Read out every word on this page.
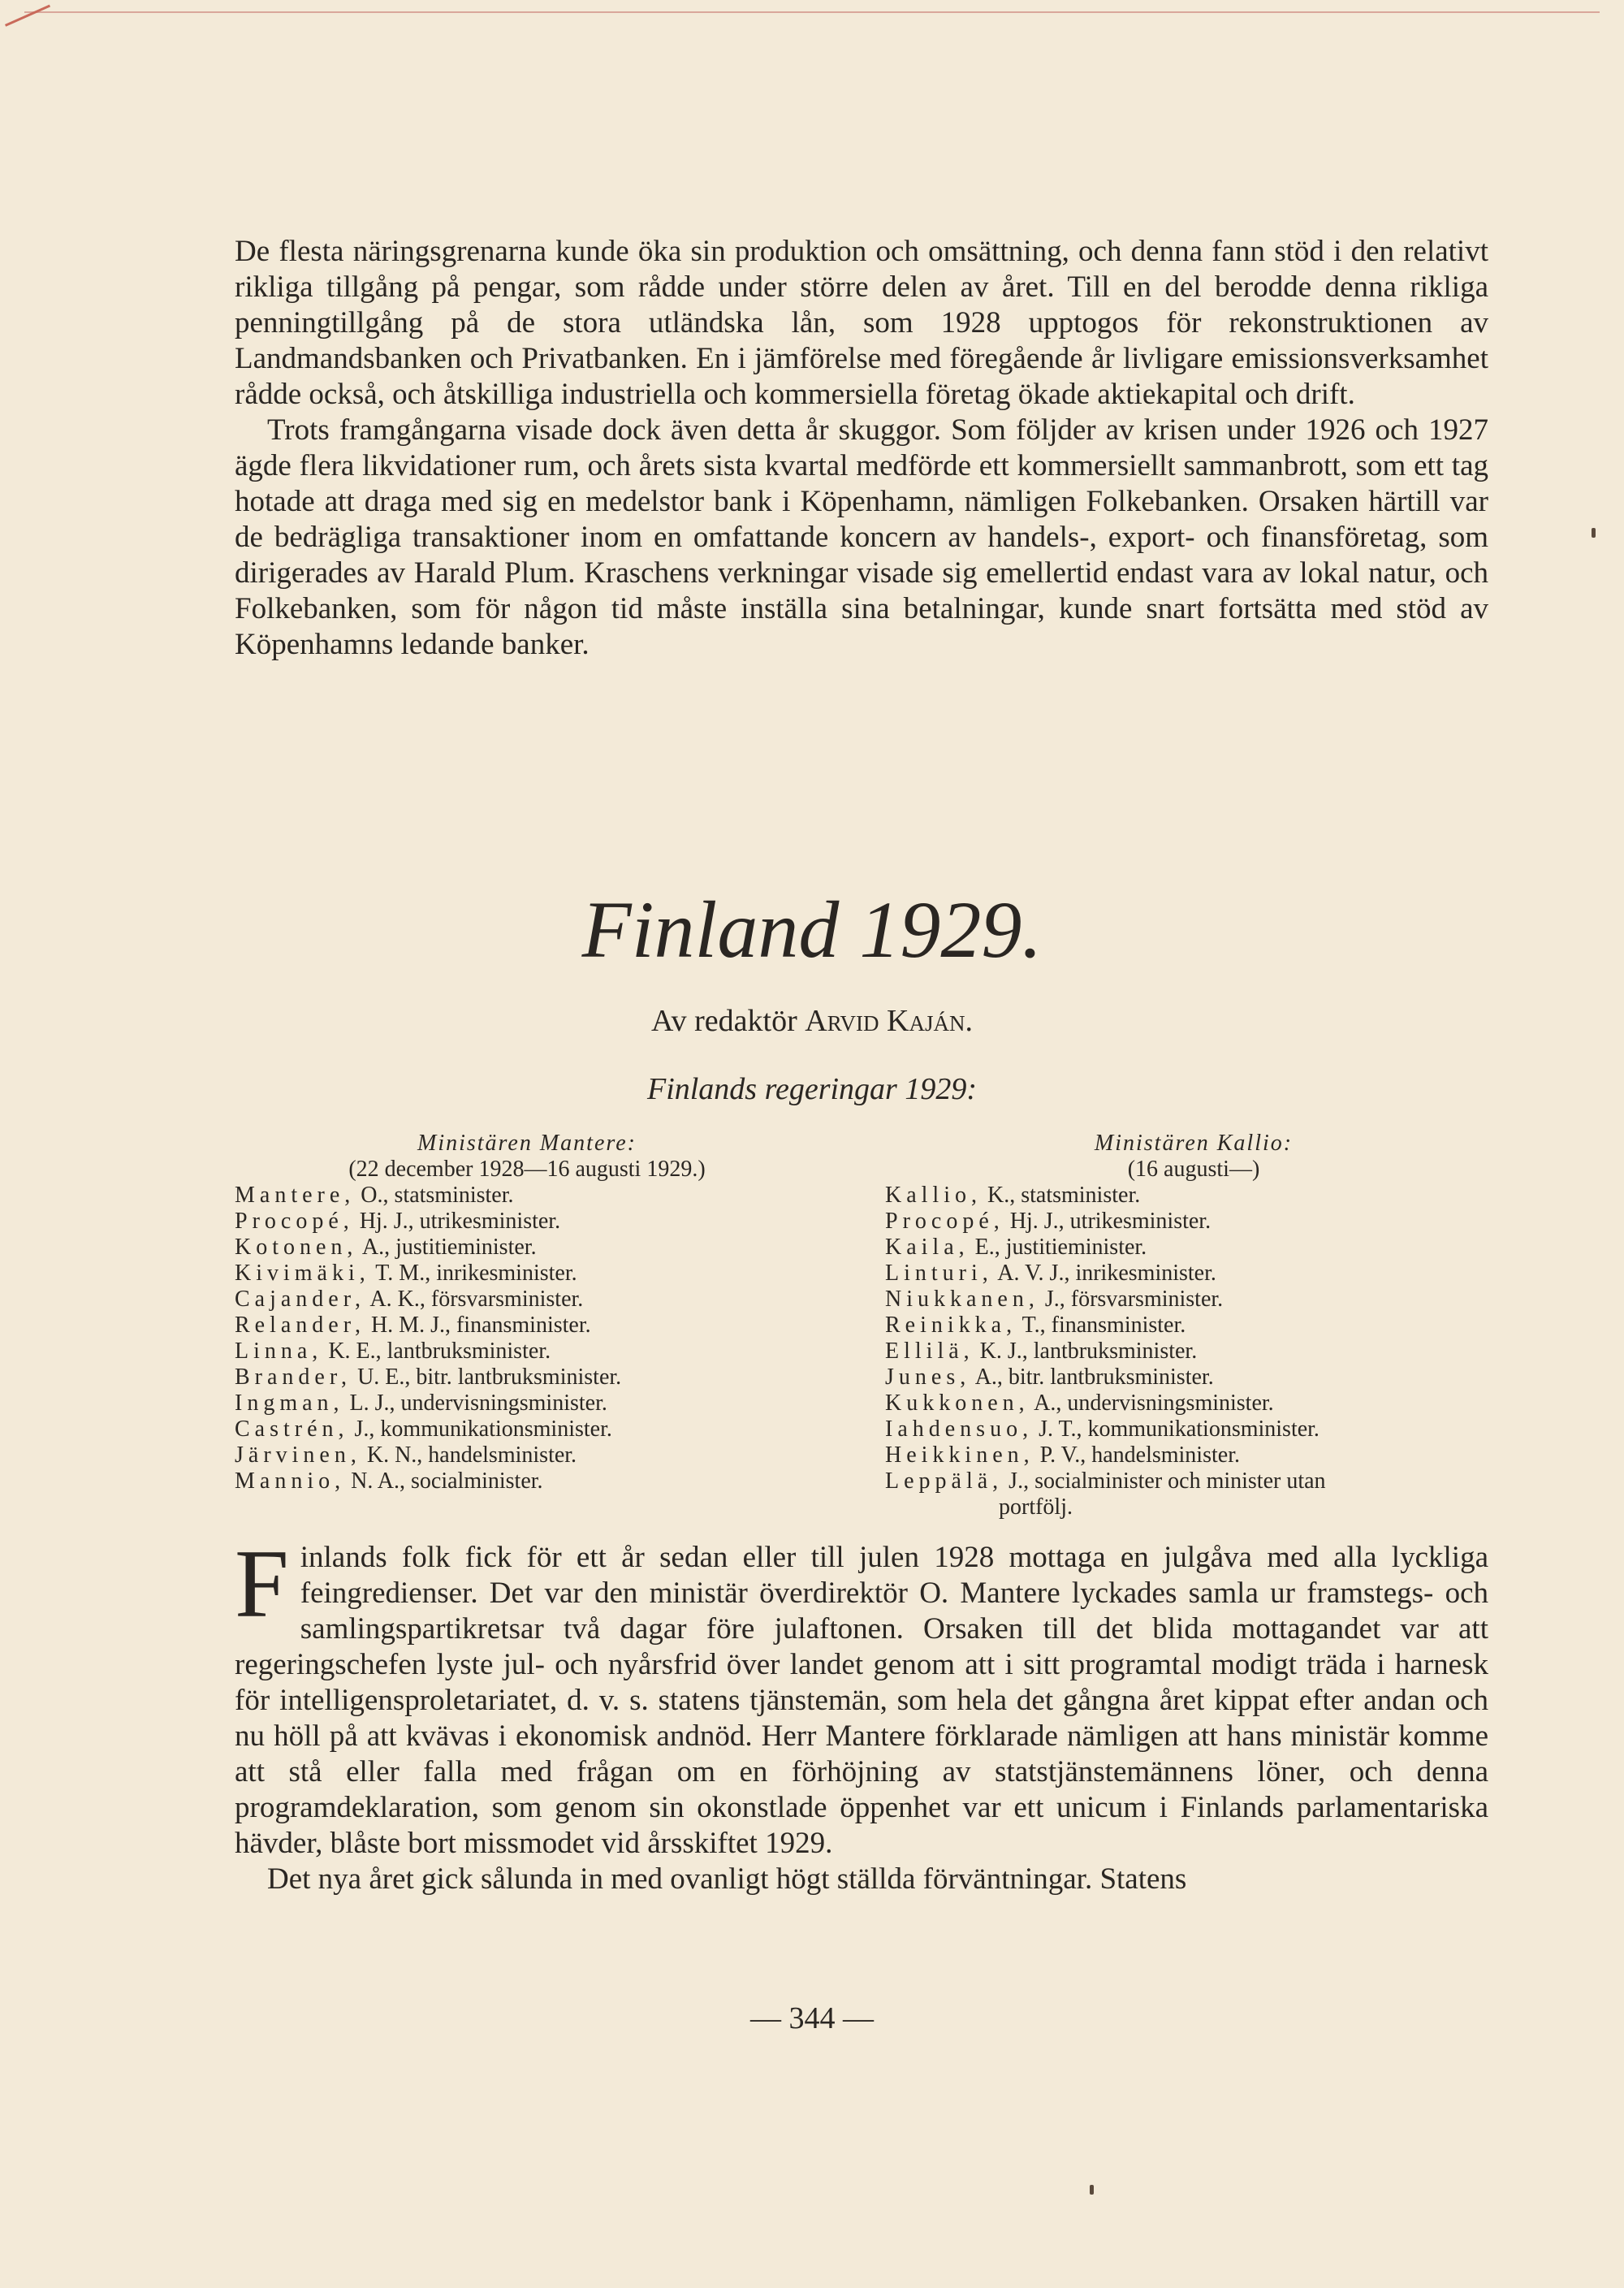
De flesta näringsgrenarna kunde öka sin produktion och omsättning, och denna fann stöd i den relativt rikliga tillgång på pengar, som rådde under större delen av året. Till en del berodde denna rikliga penningtillgång på de stora utländska lån, som 1928 upptogos för rekonstruktionen av Landmandsbanken och Privatbanken. En i jämförelse med föregående år livligare emissionsverksamhet rådde också, och åtskilliga industriella och kommersiella företag ökade aktiekapital och drift.

Trots framgångarna visade dock även detta år skuggor. Som följder av krisen under 1926 och 1927 ägde flera likvidationer rum, och årets sista kvartal medförde ett kommersiellt sammanbrott, som ett tag hotade att draga med sig en medelstor bank i Köpenhamn, nämligen Folkebanken. Orsaken härtill var de bedrägliga transaktioner inom en omfattande koncern av handels-, export- och finansföretag, som dirigerades av Harald Plum. Kraschens verkningar visade sig emellertid endast vara av lokal natur, och Folkebanken, som för någon tid måste inställa sina betalningar, kunde snart fortsätta med stöd av Köpenhamns ledande banker.

Finland 1929.

Av redaktör Arvid Kaján.

Finlands regeringar 1929:

Ministären Mantere:

(22 december 1928—16 augusti 1929.)

Mantere, O., statsminister.
Procopé, Hj. J., utrikesminister.
Kotonen, A., justitieminister.
Kivimäki, T. M., inrikesminister.
Cajander, A. K., försvarsminister.
Relander, H. M. J., finansminister.
Linna, K. E., lantbruksminister.
Brander, U. E., bitr. lantbruksminister.
Ingman, L. J., undervisningsminister.
Castrén, J., kommunikationsminister.
Järvinen, K. N., handelsminister.
Mannio, N. A., socialminister.

Ministären Kallio:

(16 augusti—)

Kallio, K., statsminister.
Procopé, Hj. J., utrikesminister.
Kaila, E., justitieminister.
Linturi, A. V. J., inrikesminister.
Niukkanen, J., försvarsminister.
Reinikka, T., finansminister.
Ellilä, K. J., lantbruksminister.
Junes, A., bitr. lantbruksminister.
Kukkonen, A., undervisningsminister.
Iahdensuo, J. T., kommunikationsminister.
Heikkinen, P. V., handelsminister.
Leppälä, J., socialminister och minister utan
portfölj.

Finlands folk fick för ett år sedan eller till julen 1928 mottaga en julgåva med alla lyckliga feingredienser. Det var den ministär överdirektör O. Mantere lyckades samla ur framstegs- och samlingspartikretsar två dagar före julaftonen. Orsaken till det blida mottagandet var att regeringschefen lyste jul- och nyårsfrid över landet genom att i sitt programtal modigt träda i harnesk för intelligensproletariatet, d. v. s. statens tjänstemän, som hela det gångna året kippat efter andan och nu höll på att kvävas i ekonomisk andnöd. Herr Mantere förklarade nämligen att hans ministär komme att stå eller falla med frågan om en förhöjning av statstjänstemännens löner, och denna programdeklaration, som genom sin okonstlade öppenhet var ett unicum i Finlands parlamentariska hävder, blåste bort missmodet vid årsskiftet 1929.

Det nya året gick sålunda in med ovanligt högt ställda förväntningar. Statens

— 344 —
